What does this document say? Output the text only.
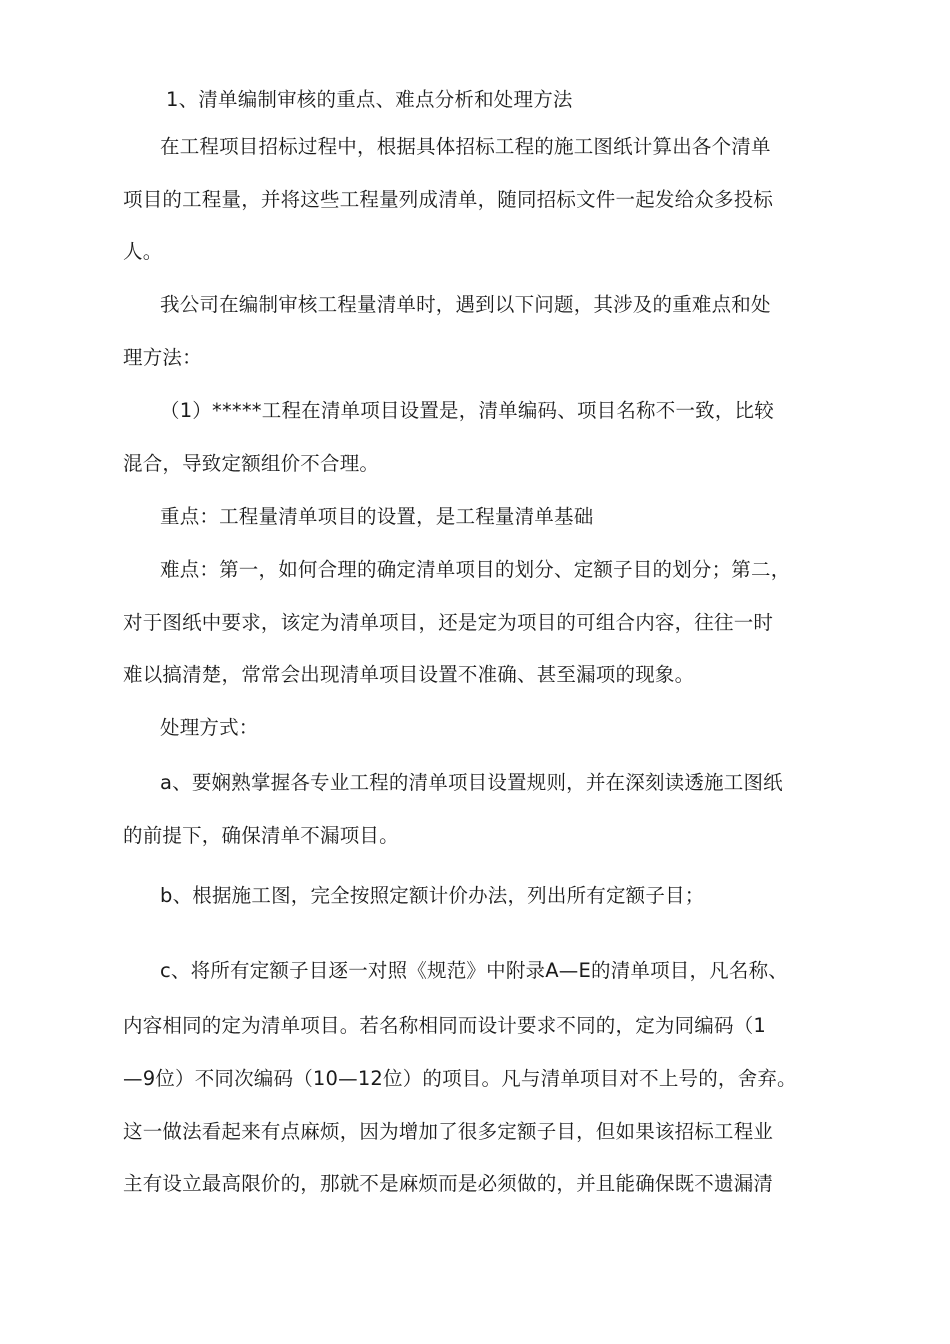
1、清单编制审核的重点、难点分析和处理方法
在工程项目招标过程中，根据具体招标工程的施工图纸计算出各个清单
项目的工程量，并将这些工程量列成清单，随同招标文件一起发给众多投标
人。
我公司在编制审核工程量清单时，遇到以下问题，其涉及的重难点和处
理方法：
（1）*****工程在清单项目设置是，清单编码、项目名称不一致，比较
混合，导致定额组价不合理。
重点：工程量清单项目的设置，是工程量清单基础
难点：第一，如何合理的确定清单项目的划分、定额子目的划分；第二，
对于图纸中要求，该定为清单项目，还是定为项目的可组合内容，往往一时
难以搞清楚，常常会出现清单项目设置不准确、甚至漏项的现象。
处理方式：
a、要娴熟掌握各专业工程的清单项目设置规则，并在深刻读透施工图纸
的前提下，确保清单不漏项目。
b、根据施工图，完全按照定额计价办法，列出所有定额子目；
c、将所有定额子目逐一对照《规范》中附录A—E的清单项目，凡名称、
内容相同的定为清单项目。若名称相同而设计要求不同的，定为同编码（1
—9位）不同次编码（10—12位）的项目。凡与清单项目对不上号的，舍弃。
这一做法看起来有点麻烦，因为增加了很多定额子目，但如果该招标工程业
主有设立最高限价的，那就不是麻烦而是必须做的，并且能确保既不遗漏清
